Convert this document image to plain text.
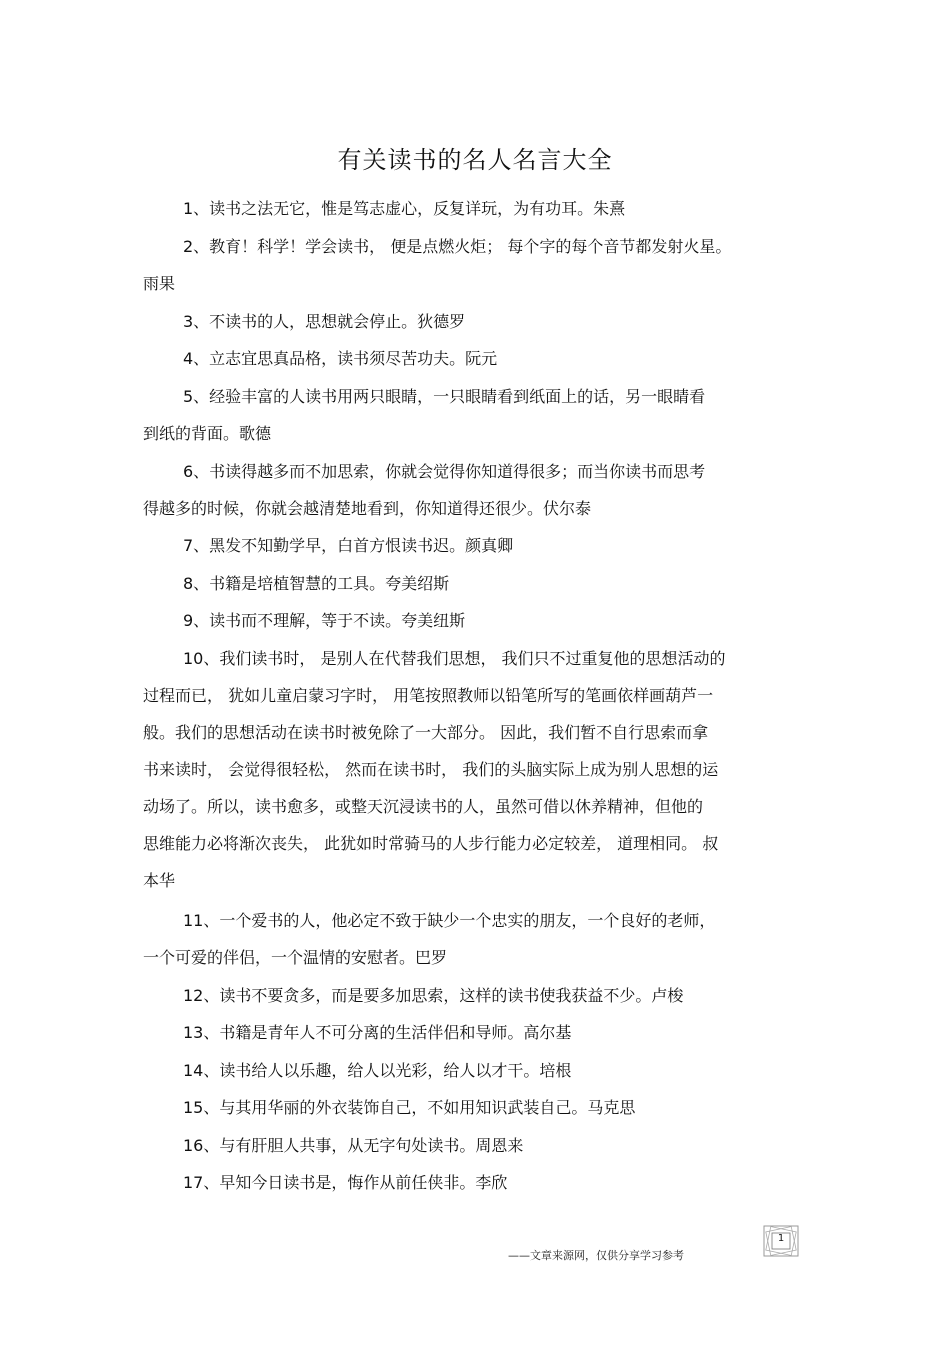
有关读书的名人名言大全
1、读书之法无它，惟是笃志虚心，反复详玩，为有功耳。朱熹
2、教育！科学！学会读书， 便是点燃火炬； 每个字的每个音节都发射火星。
雨果
3、不读书的人，思想就会停止。狄德罗
4、立志宜思真品格，读书须尽苦功夫。阮元
5、经验丰富的人读书用两只眼睛，一只眼睛看到纸面上的话，另一眼睛看
到纸的背面。歌德
6、书读得越多而不加思索，你就会觉得你知道得很多；而当你读书而思考
得越多的时候，你就会越清楚地看到，你知道得还很少。伏尔泰
7、黑发不知勤学早，白首方恨读书迟。颜真卿
8、书籍是培植智慧的工具。夸美绍斯
9、读书而不理解，等于不读。夸美纽斯
10、我们读书时， 是别人在代替我们思想， 我们只不过重复他的思想活动的
过程而已， 犹如儿童启蒙习字时， 用笔按照教师以铅笔所写的笔画依样画葫芦一
般。我们的思想活动在读书时被免除了一大部分。 因此，我们暂不自行思索而拿
书来读时， 会觉得很轻松， 然而在读书时， 我们的头脑实际上成为别人思想的运
动场了。所以，读书愈多，或整天沉浸读书的人，虽然可借以休养精神，但他的
思维能力必将渐次丧失， 此犹如时常骑马的人步行能力必定较差， 道理相同。 叔
本华
11、一个爱书的人，他必定不致于缺少一个忠实的朋友，一个良好的老师，
一个可爱的伴侣，一个温情的安慰者。巴罗
12、读书不要贪多，而是要多加思索，这样的读书使我获益不少。卢梭
13、书籍是青年人不可分离的生活伴侣和导师。高尔基
14、读书给人以乐趣，给人以光彩，给人以才干。培根
15、与其用华丽的外衣装饰自己，不如用知识武装自己。马克思
16、与有肝胆人共事，从无字句处读书。周恩来
17、早知今日读书是，悔作从前任侠非。李欣
1
——文章来源网，仅供分享学习参考
